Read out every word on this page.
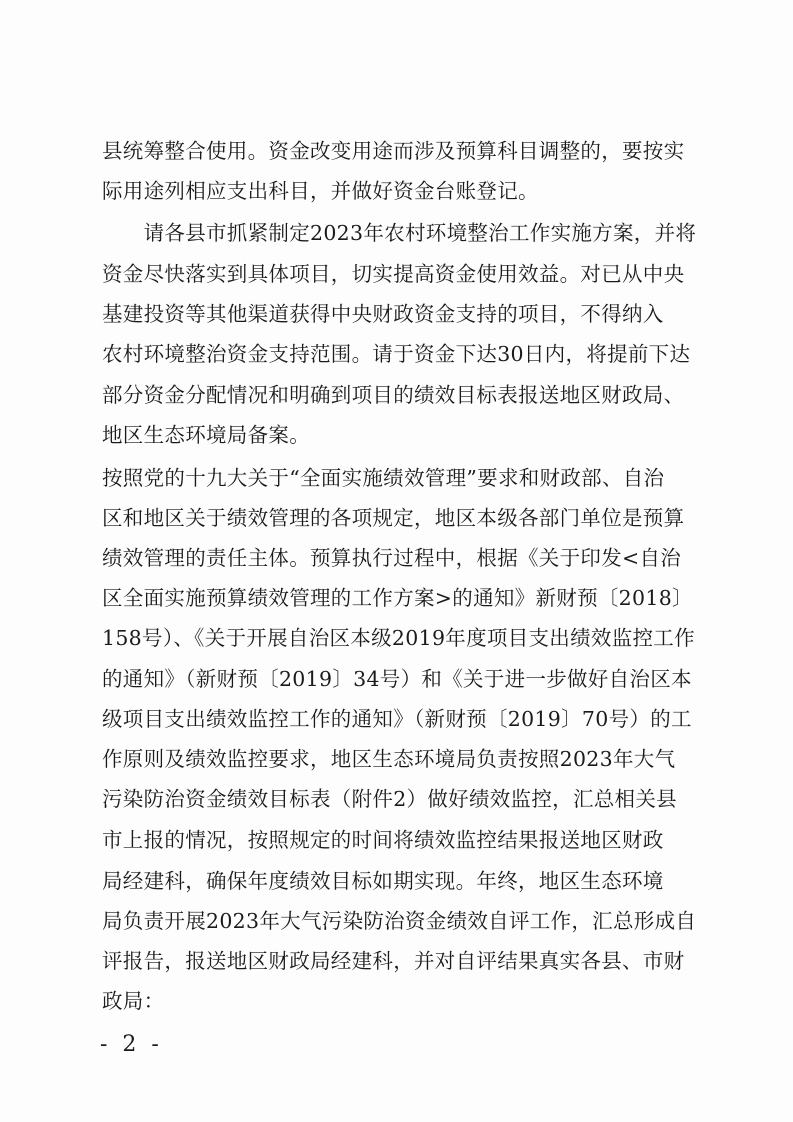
县统筹整合使用。资金改变用途而涉及预算科目调整的，要按实
际用途列相应支出科目，并做好资金台账登记。
　　请各县市抓紧制定2023年农村环境整治工作实施方案，并将
资金尽快落实到具体项目，切实提高资金使用效益。对已从中央
基建投资等其他渠道获得中央财政资金支持的项目，不得纳入
农村环境整治资金支持范围。请于资金下达30日内，将提前下达
部分资金分配情况和明确到项目的绩效目标表报送地区财政局、
地区生态环境局备案。
按照党的十九大关于“全面实施绩效管理”要求和财政部、自治
区和地区关于绩效管理的各项规定，地区本级各部门单位是预算
绩效管理的责任主体。预算执行过程中，根据《关于印发<自治
区全面实施预算绩效管理的工作方案>的通知》新财预〔2018〕
158号）、《关于开展自治区本级2019年度项目支出绩效监控工作
的通知》（新财预〔2019〕34号）和《关于进一步做好自治区本
级项目支出绩效监控工作的通知》（新财预〔2019〕70号）的工
作原则及绩效监控要求，地区生态环境局负责按照2023年大气
污染防治资金绩效目标表（附件2）做好绩效监控，汇总相关县
市上报的情况，按照规定的时间将绩效监控结果报送地区财政
局经建科，确保年度绩效目标如期实现。年终，地区生态环境
局负责开展2023年大气污染防治资金绩效自评工作，汇总形成自
评报告，报送地区财政局经建科，并对自评结果真实各县、市财
政局：
- 2 -
